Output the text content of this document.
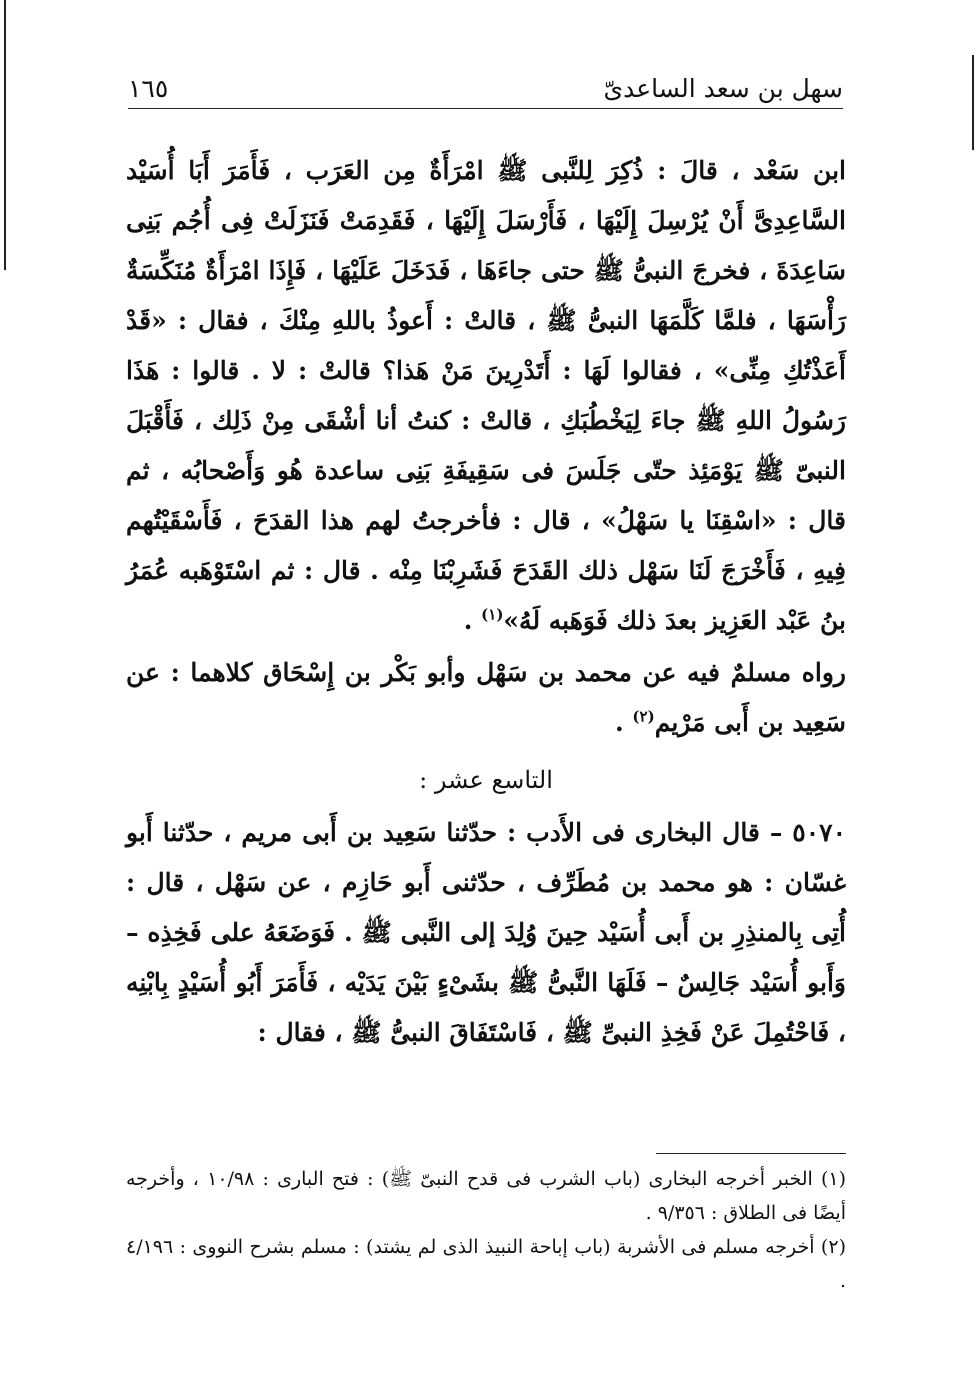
سهل بن سعد الساعدىّ
١٦٥

ابن سَعْد ، قالَ : ذُكِرَ لِلنَّبى ﷺ امْرَأَةٌ مِن العَرَب ، فَأَمَرَ أَبَا أُسَيْد السَّاعِدِىَّ أَنْ يُرْسِلَ إِلَيْهَا ، فَأَرْسَلَ إِلَيْهَا ، فَقَدِمَتْ فَنَزَلَتْ فِى أُجُم بَنِى سَاعِدَةَ ، فخرجَ النبىُّ ﷺ حتى جاءَهَا ، فَدَخَلَ عَلَيْهَا ، فَإِذَا امْرَأَةٌ مُنَكِّسَةٌ رَأْسَهَا ، فلمَّا كَلَّمَهَا النبىُّ ﷺ ، قالتْ : أَعوذُ باللهِ مِنْكَ ، فقال : «قَدْ أَعَذْتُكِ مِنِّى» ، فقالوا لَهَا : أَتَدْرِينَ مَنْ هَذا؟ قالتْ : لا . قالوا : هَذَا رَسُولُ اللهِ ﷺ جاءَ لِيَخْطُبَكِ ، قالتْ : كنتُ أنا أشْقَى مِنْ ذَلِك ، فَأَقْبَلَ النبىّ ﷺ يَوْمَئِذ حتّى جَلَسَ فى سَقِيفَةِ بَنِى ساعدة هُو وَأَصْحابُه ، ثم قال : «اسْقِنَا يا سَهْلُ» ، قال : فأخرجتُ لهم هذا القدَحَ ، فَأَسْقَيْتُهم فِيهِ ، فَأَخْرَجَ لَنَا سَهْل ذلك القَدَحَ فَشَرِبْنَا مِنْه . قال : ثم اسْتَوْهَبه عُمَرُ بنُ عَبْد العَزِيز بعدَ ذلك فَوَهَبه لَهُ»$^{(١)}$ .

رواه مسلمٌ فيه عن محمد بن سَهْل وأبو بَكْر بن إِسْحَاق كلاهما : عن سَعِيد بن أَبى مَرْيم$^{(٢)}$ .

التاسع عشر :

٥٠٧٠ – قال البخارى فى الأَدب : حدّثنا سَعِيد بن أَبى مريم ، حدّثنا أَبو غسّان : هو محمد بن مُطَرِّف ، حدّثنى أَبو حَازِم ، عن سَهْل ، قال : أُتِى بِالمنذِرِ بن أَبى أُسَيْد حِينَ وُلِدَ إلى النَّبى ﷺ . فَوَضَعَهُ على فَخِذِه – وَأَبو أُسَيْد جَالِسٌ – فَلَهَا النَّبىُّ ﷺ بشَىْءٍ بَيْنَ يَدَيْه ، فَأَمَرَ أَبُو أُسَيْدٍ بِابْنِه ، فَاحْتُمِلَ عَنْ فَخِذِ النبىِّ ﷺ ، فَاسْتَفَاقَ النبىُّ ﷺ ، فقال :

(١) الخبر أخرجه البخارى (باب الشرب فى قدح النبىّ ﷺ) : فتح البارى : ١٠/٩٨ ، وأخرجه أيضًا فى الطلاق : ٩/٣٥٦ .

(٢) أخرجه مسلم فى الأشربة (باب إباحة النبيذ الذى لم يشتد) : مسلم بشرح النووى : ٤/١٩٦ .
